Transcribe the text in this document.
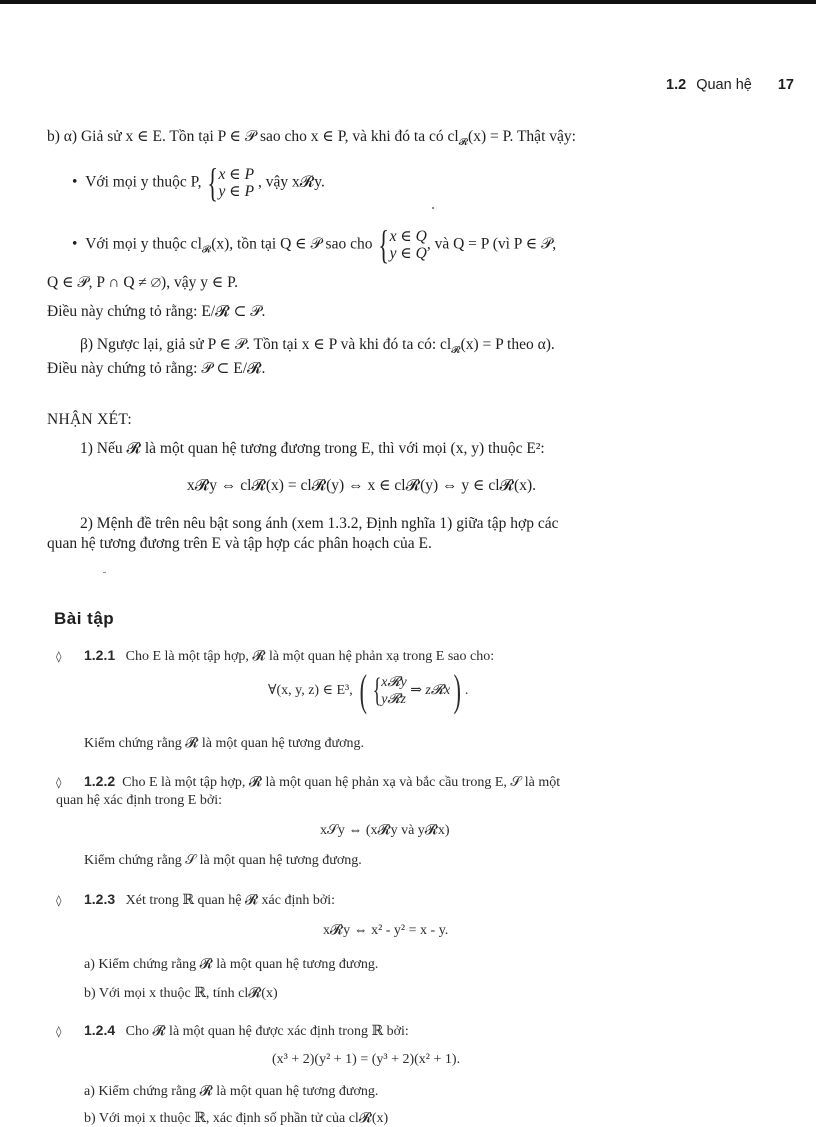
1.2 Quan hệ 17
b) α) Giả sử x ∈ E. Tồn tại P ∈ 𝒫 sao cho x ∈ P, và khi đó ta có $cl_𝓡(x) = P$. Thật vậy:
•  Với mọi y thuộc P, {x ∈ P
y ∈ P , vậy x𝓡y.
•  Với mọi y thuộc $cl_𝓡(x)$, tồn tại Q ∈ 𝒫 sao cho {x ∈ Q
y ∈ Q, và Q = P (vì P ∈ 𝒫,
Q ∈ 𝒫, P ∩ Q ≠ ∅), vậy y ∈ P.
Điều này chứng tỏ rằng: E/𝓡 ⊂ 𝒫.
β) Ngược lại, giả sử P ∈ 𝒫. Tồn tại x ∈ P và khi đó ta có: $cl_𝓡(x) = P$ theo α).
Điều này chứng tỏ rằng: 𝒫 ⊂ E/𝓡.
NHẬN XÉT:
1) Nếu 𝓡 là một quan hệ tương đương trong E, thì với mọi (x, y) thuộc E²:
x𝓡y ⇔ cl𝓡(x) = cl𝓡(y) ⇔ x ∈ cl𝓡(y) ⇔ y ∈ cl𝓡(x).
2) Mệnh đề trên nêu bật song ánh (xem 1.3.2, Định nghĩa 1) giữa tập hợp các
quan hệ tương đương trên E và tập hợp các phân hoạch của E.
Bài tập
◊ 1.2.1 Cho E là một tập hợp, 𝓡 là một quan hệ phản xạ trong E sao cho:
∀(x, y, z) ∈ E³, ( {x𝓡y
y𝓡z ⇒ z𝓡x) .
Kiểm chứng rằng 𝓡 là một quan hệ tương đương.
◊ 1.2.2 Cho E là một tập hợp, 𝓡 là một quan hệ phản xạ và bắc cầu trong E, 𝒮 là một
quan hệ xác định trong E bởi:
x𝒮y ⇔ (x𝓡y và y𝓡x)
Kiểm chứng rằng 𝒮 là một quan hệ tương đương.
◊ 1.2.3 Xét trong ℝ quan hệ 𝓡 xác định bởi:
x𝓡y ⇔ x² - y² = x - y.
a) Kiểm chứng rằng 𝓡 là một quan hệ tương đương.
b) Với mọi x thuộc ℝ, tính cl𝓡(x)
◊ 1.2.4 Cho 𝓡 là một quan hệ được xác định trong ℝ bởi:
(x³ + 2)(y² + 1) = (y³ + 2)(x² + 1).
a) Kiểm chứng rằng 𝓡 là một quan hệ tương đương.
b) Với mọi x thuộc ℝ, xác định số phần tử của cl𝓡(x)
